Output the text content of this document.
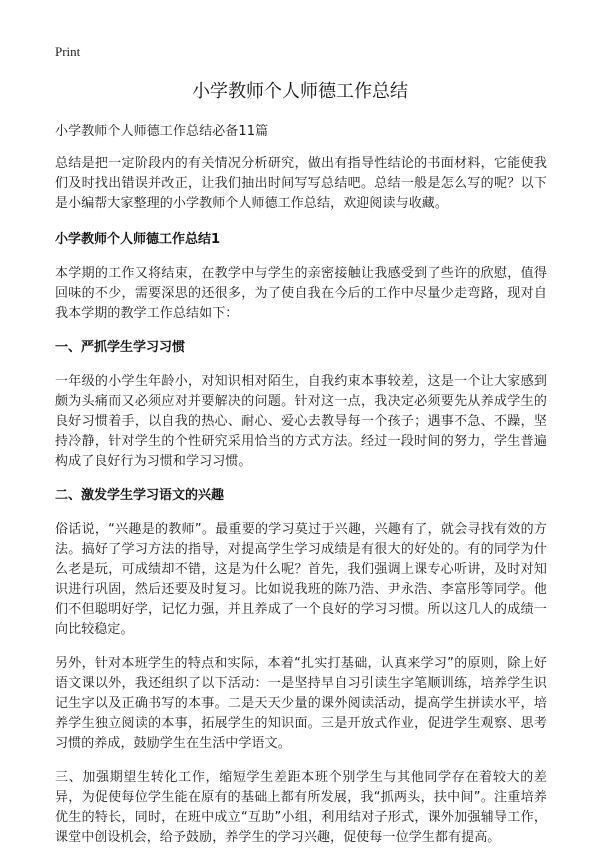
Print
小学教师个人师德工作总结

小学教师个人师德工作总结必备11篇

总结是把一定阶段内的有关情况分析研究，做出有指导性结论的书面材料，它能使我们及时找出错误并改正，让我们抽出时间写写总结吧。总结一般是怎么写的呢？以下是小编帮大家整理的小学教师个人师德工作总结，欢迎阅读与收藏。

小学教师个人师德工作总结1

本学期的工作又将结束，在教学中与学生的亲密接触让我感受到了些许的欣慰，值得回味的不少，需要深思的还很多，为了使自我在今后的工作中尽量少走弯路，现对自我本学期的教学工作总结如下：

一、严抓学生学习习惯

一年级的小学生年龄小，对知识相对陌生，自我约束本事较差，这是一个让大家感到颇为头痛而又必须应对并要解决的问题。针对这一点，我决定必须要先从养成学生的良好习惯着手，以自我的热心、耐心、爱心去教导每一个孩子；遇事不急、不躁，坚持冷静，针对学生的个性研究采用恰当的方式方法。经过一段时间的努力，学生普遍构成了良好行为习惯和学习习惯。

二、激发学生学习语文的兴趣

俗话说，“兴趣是的教师”。最重要的学习莫过于兴趣，兴趣有了，就会寻找有效的方法。搞好了学习方法的指导，对提高学生学习成绩是有很大的好处的。有的同学为什么老是玩，可成绩却不错，这是为什么呢？首先，我们强调上课专心听讲，及时对知识进行巩固，然后还要及时复习。比如说我班的陈乃浩、尹永浩、李富彤等同学。他们不但聪明好学，记忆力强，并且养成了一个良好的学习习惯。所以这几人的成绩一向比较稳定。

另外，针对本班学生的特点和实际，本着“扎实打基础，认真来学习”的原则，除上好语文课以外，我还组织了以下活动：一是坚持早自习引读生字笔顺训练，培养学生识记生字以及正确书写的本事。二是天天少量的课外阅读活动，提高学生拼读水平，培养学生独立阅读的本事，拓展学生的知识面。三是开放式作业，促进学生观察、思考习惯的养成，鼓励学生在生活中学语文。

三、加强期望生转化工作，缩短学生差距本班个别学生与其他同学存在着较大的差异，为促使每位学生能在原有的基础上都有所发展，我“抓两头，扶中间”。注重培养优生的特长，同时，在班中成立“互助”小组，利用结对子形式，课外加强辅导工作，课堂中创设机会，给予鼓励，养学生的学习兴趣，促使每一位学生都有提高。
